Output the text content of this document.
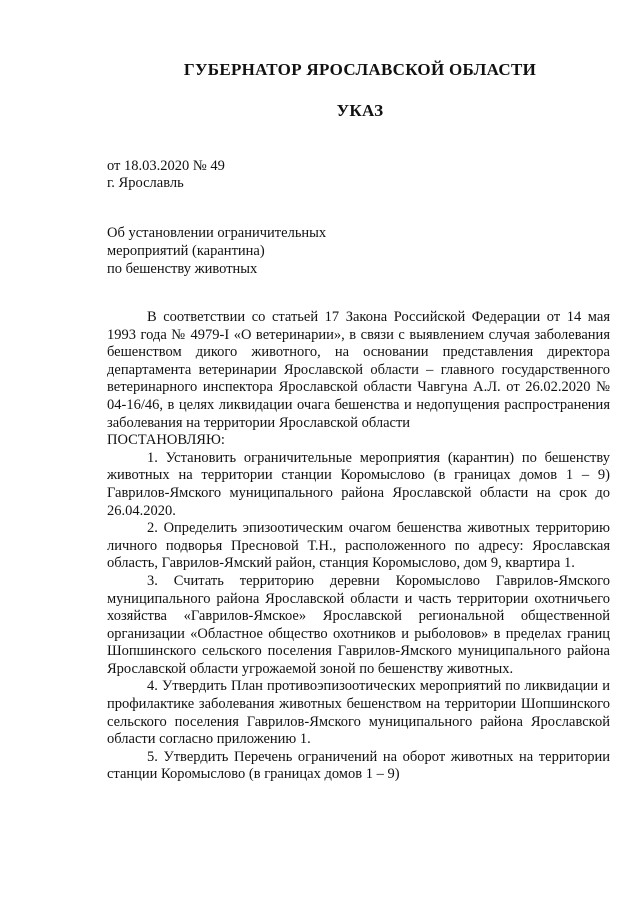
ГУБЕРНАТОР ЯРОСЛАВСКОЙ ОБЛАСТИ
УКАЗ
от 18.03.2020 № 49
г. Ярославль
Об установлении ограничительных
мероприятий (карантина)
по бешенству животных

В соответствии со статьей 17 Закона Российской Федерации от 14 мая 1993 года № 4979-I «О ветеринарии», в связи с выявлением случая заболевания бешенством дикого животного, на основании представления директора департамента ветеринарии Ярославской области – главного государственного ветеринарного инспектора Ярославской области Чавгуна А.Л. от 26.02.2020 № 04-16/46, в целях ликвидации очага бешенства и недопущения распространения заболевания на территории Ярославской области

ПОСТАНОВЛЯЮ:

1. Установить ограничительные мероприятия (карантин) по бешенству животных на территории станции Коромыслово (в границах домов 1 – 9) Гаврилов-Ямского муниципального района Ярославской области на срок до 26.04.2020.

2. Определить эпизоотическим очагом бешенства животных территорию личного подворья Пресновой Т.Н., расположенного по адресу: Ярославская область, Гаврилов-Ямский район, станция Коромыслово, дом 9, квартира 1.

3. Считать территорию деревни Коромыслово Гаврилов-Ямского муниципального района Ярославской области и часть территории охотничьего хозяйства «Гаврилов-Ямское» Ярославской региональной общественной организации «Областное общество охотников и рыболовов» в пределах границ Шопшинского сельского поселения Гаврилов-Ямского муниципального района Ярославской области угрожаемой зоной по бешенству животных.

4. Утвердить План противоэпизоотических мероприятий по ликвидации и профилактике заболевания животных бешенством на территории Шопшинского сельского поселения Гаврилов-Ямского муниципального района Ярославской области согласно приложению 1.

5. Утвердить Перечень ограничений на оборот животных на территории станции Коромыслово (в границах домов 1 – 9)
